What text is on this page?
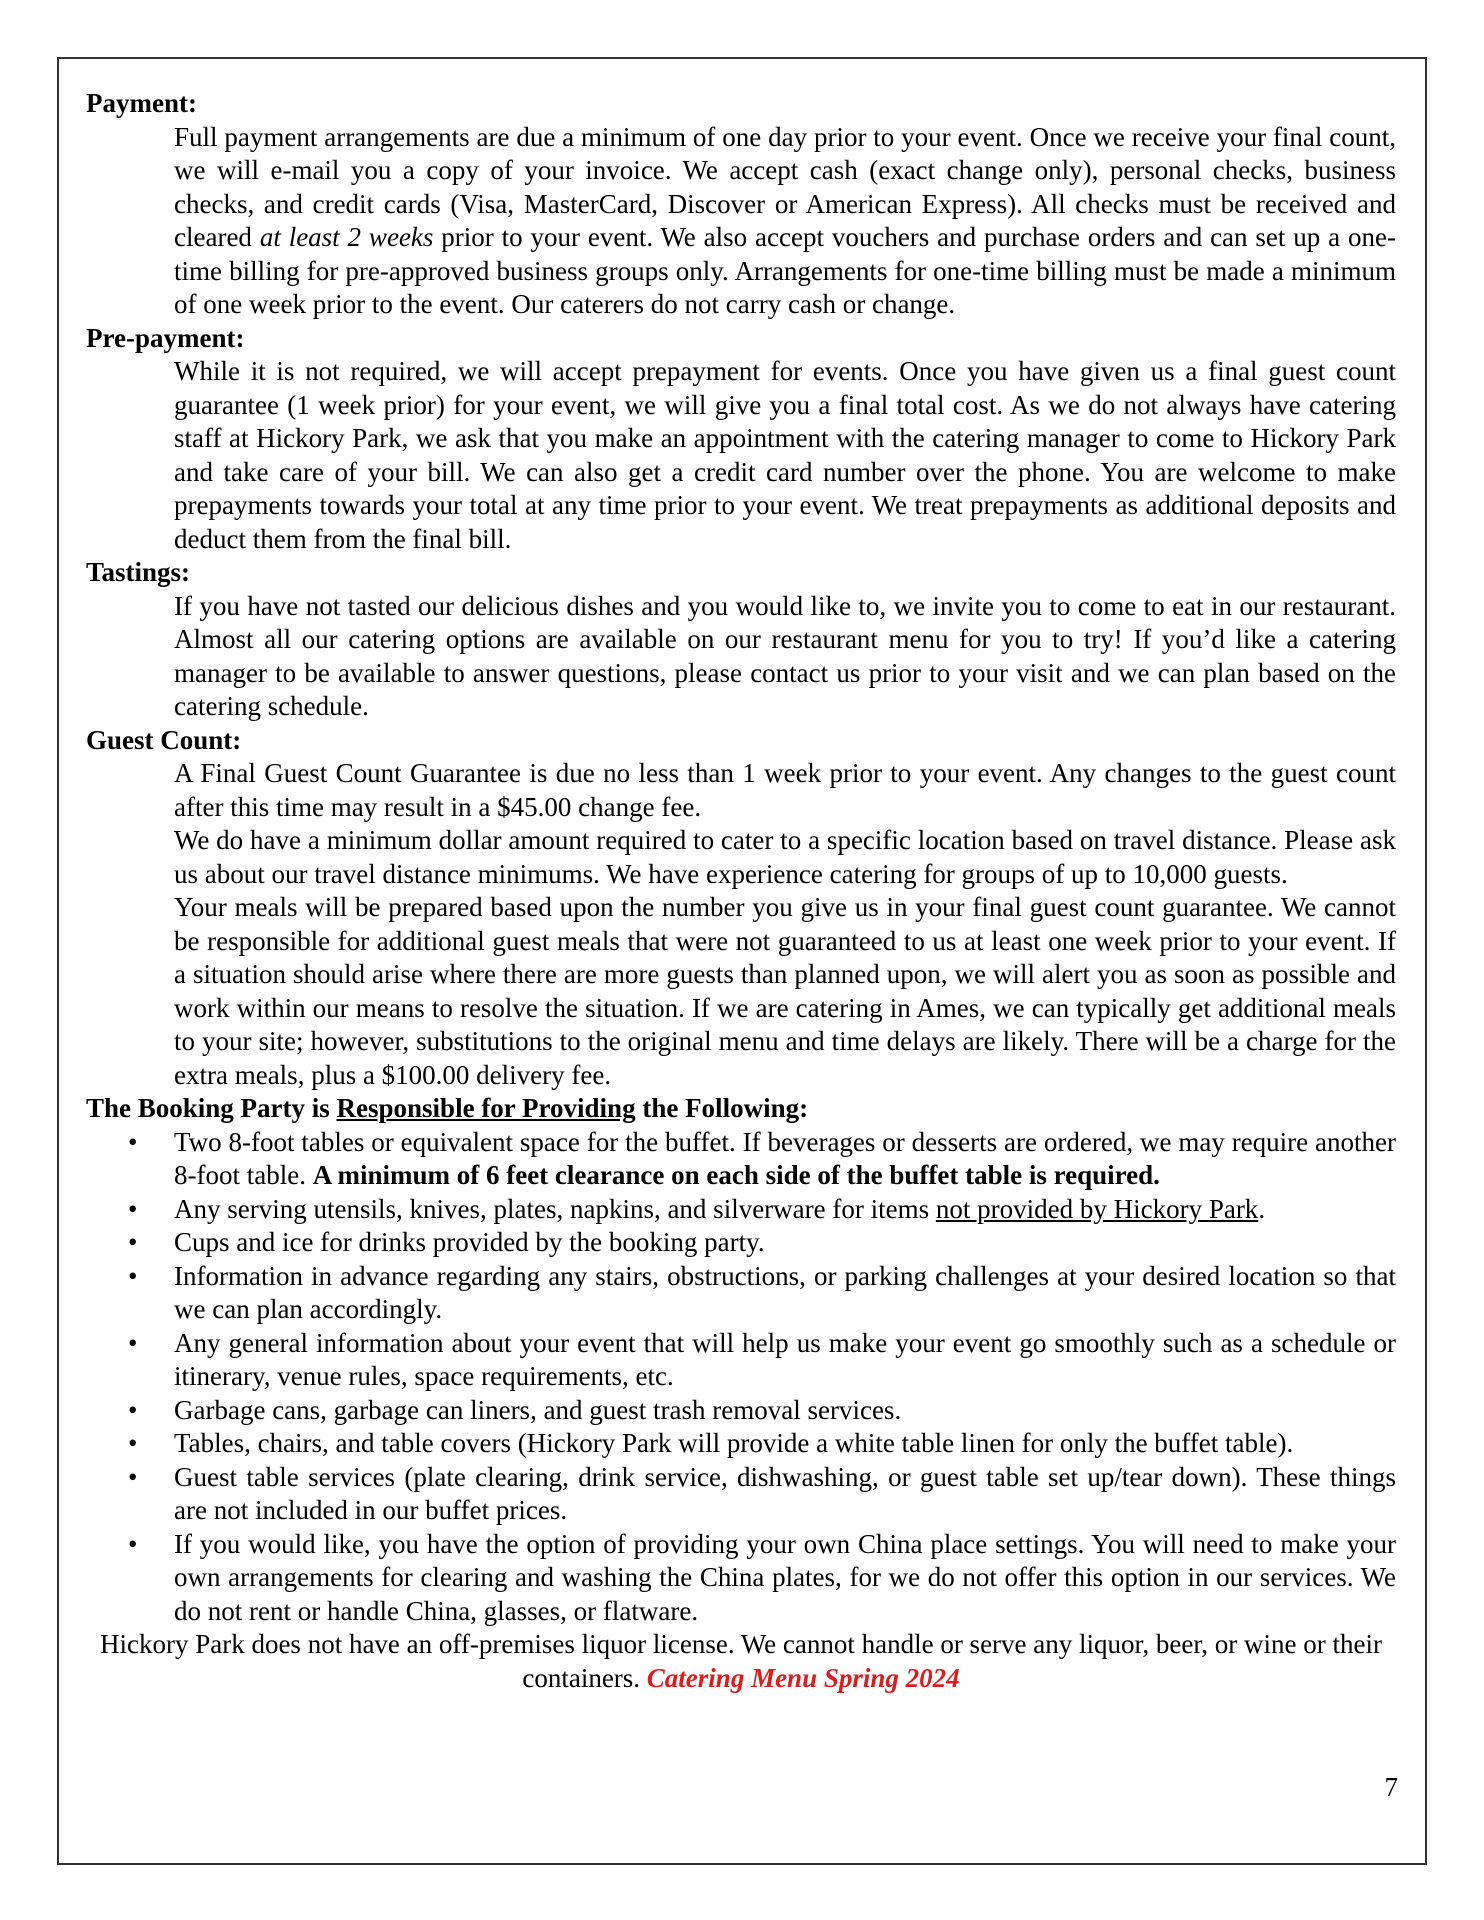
Payment:

Full payment arrangements are due a minimum of one day prior to your event. Once we receive your final count, we will e-mail you a copy of your invoice. We accept cash (exact change only), personal checks, business checks, and credit cards (Visa, MasterCard, Discover or American Express). All checks must be received and cleared at least 2 weeks prior to your event. We also accept vouchers and purchase orders and can set up a one-time billing for pre-approved business groups only. Arrangements for one-time billing must be made a minimum of one week prior to the event. Our caterers do not carry cash or change.

Pre-payment:

While it is not required, we will accept prepayment for events. Once you have given us a final guest count guarantee (1 week prior) for your event, we will give you a final total cost. As we do not always have catering staff at Hickory Park, we ask that you make an appointment with the catering manager to come to Hickory Park and take care of your bill. We can also get a credit card number over the phone. You are welcome to make prepayments towards your total at any time prior to your event. We treat prepayments as additional deposits and deduct them from the final bill.

Tastings:

If you have not tasted our delicious dishes and you would like to, we invite you to come to eat in our restaurant. Almost all our catering options are available on our restaurant menu for you to try! If you’d like a catering manager to be available to answer questions, please contact us prior to your visit and we can plan based on the catering schedule.

Guest Count:

A Final Guest Count Guarantee is due no less than 1 week prior to your event. Any changes to the guest count after this time may result in a $45.00 change fee.

We do have a minimum dollar amount required to cater to a specific location based on travel distance. Please ask us about our travel distance minimums. We have experience catering for groups of up to 10,000 guests.

Your meals will be prepared based upon the number you give us in your final guest count guarantee. We cannot be responsible for additional guest meals that were not guaranteed to us at least one week prior to your event. If a situation should arise where there are more guests than planned upon, we will alert you as soon as possible and work within our means to resolve the situation. If we are catering in Ames, we can typically get additional meals to your site; however, substitutions to the original menu and time delays are likely. There will be a charge for the extra meals, plus a $100.00 delivery fee.

The Booking Party is Responsible for Providing the Following:

• Two 8-foot tables or equivalent space for the buffet. If beverages or desserts are ordered, we may require another 8-foot table. A minimum of 6 feet clearance on each side of the buffet table is required.
• Any serving utensils, knives, plates, napkins, and silverware for items not provided by Hickory Park.
• Cups and ice for drinks provided by the booking party.
• Information in advance regarding any stairs, obstructions, or parking challenges at your desired location so that we can plan accordingly.
• Any general information about your event that will help us make your event go smoothly such as a schedule or itinerary, venue rules, space requirements, etc.
• Garbage cans, garbage can liners, and guest trash removal services.
• Tables, chairs, and table covers (Hickory Park will provide a white table linen for only the buffet table).
• Guest table services (plate clearing, drink service, dishwashing, or guest table set up/tear down). These things are not included in our buffet prices.
• If you would like, you have the option of providing your own China place settings. You will need to make your own arrangements for clearing and washing the China plates, for we do not offer this option in our services. We do not rent or handle China, glasses, or flatware.

Hickory Park does not have an off-premises liquor license. We cannot handle or serve any liquor, beer, or wine or their containers. Catering Menu Spring 2024

7
